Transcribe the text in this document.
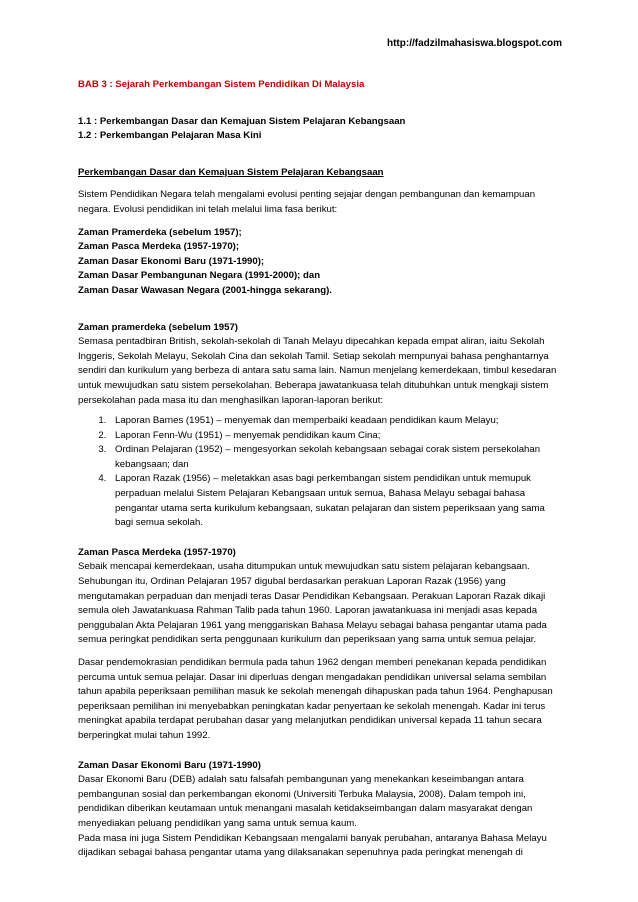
http://fadzilmahasiswa.blogspot.com

BAB 3 : Sejarah Perkembangan Sistem Pendidikan Di Malaysia

1.1 : Perkembangan Dasar dan Kemajuan Sistem Pelajaran Kebangsaan

1.2 : Perkembangan Pelajaran Masa Kini

Perkembangan Dasar dan Kemajuan Sistem Pelajaran Kebangsaan

Sistem Pendidikan Negara telah mengalami evolusi penting sejajar dengan pembangunan dan kemampuan negara. Evolusi pendidikan ini telah melalui lima fasa berikut:

Zaman Pramerdeka (sebelum 1957);

Zaman Pasca Merdeka (1957-1970);

Zaman Dasar Ekonomi Baru (1971-1990);

Zaman Dasar Pembangunan Negara (1991-2000); dan

Zaman Dasar Wawasan Negara (2001-hingga sekarang).

Zaman pramerdeka (sebelum 1957)

Semasa pentadbiran British, sekolah-sekolah di Tanah Melayu dipecahkan kepada empat aliran, iaitu Sekolah Inggeris, Sekolah Melayu, Sekolah Cina dan sekolah Tamil. Setiap sekolah mempunyai bahasa penghantarnya sendiri dan kurikulum yang berbeza di antara satu sama lain. Namun menjelang kemerdekaan, timbul kesedaran untuk mewujudkan satu sistem persekolahan. Beberapa jawatankuasa telah ditubuhkan untuk mengkaji sistem persekolahan pada masa itu dan menghasilkan laporan-laporan berikut:

1. Laporan Barnes (1951) – menyemak dan memperbaiki keadaan pendidikan kaum Melayu;
2. Laporan Fenn-Wu (1951) – menyemak pendidikan kaum Cina;
3. Ordinan Pelajaran (1952) – mengesyorkan sekolah kebangsaan sebagai corak sistem persekolahan kebangsaan; dan
4. Laporan Razak (1956) – meletakkan asas bagi perkembangan sistem pendidikan untuk memupuk perpaduan melalui Sistem Pelajaran Kebangsaan untuk semua, Bahasa Melayu sebagai bahasa pengantar utama serta kurikulum kebangsaan, sukatan pelajaran dan sistem peperiksaan yang sama bagi semua sekolah.

Zaman Pasca Merdeka (1957-1970)

Sebaik mencapai kemerdekaan, usaha ditumpukan untuk mewujudkan satu sistem pelajaran kebangsaan. Sehubungan itu, Ordinan Pelajaran 1957 digubal berdasarkan perakuan Laporan Razak (1956) yang mengutamakan perpaduan dan menjadi teras Dasar Pendidikan Kebangsaan. Perakuan Laporan Razak dikaji semula oleh Jawatankuasa Rahman Talib pada tahun 1960. Laporan jawatankuasa ini menjadi asas kepada penggubalan Akta Pelajaran 1961 yang menggariskan Bahasa Melayu sebagai bahasa pengantar utama pada semua peringkat pendidikan serta penggunaan kurikulum dan peperiksaan yang sama untuk semua pelajar.

Dasar pendemokrasian pendidikan bermula pada tahun 1962 dengan memberi penekanan kepada pendidikan percuma untuk semua pelajar. Dasar ini diperluas dengan mengadakan pendidikan universal selama sembilan tahun apabila peperiksaan pemilihan masuk ke sekolah menengah dihapuskan pada tahun 1964. Penghapusan peperiksaan pemilihan ini menyebabkan peningkatan kadar penyertaan ke sekolah menengah. Kadar ini terus meningkat apabila terdapat perubahan dasar yang melanjutkan pendidikan universal kepada 11 tahun secara berperingkat mulai tahun 1992.

Zaman Dasar Ekonomi Baru (1971-1990)

Dasar Ekonomi Baru (DEB) adalah satu falsafah pembangunan yang menekankan keseimbangan antara pembangunan sosial dan perkembangan ekonomi (Universiti Terbuka Malaysia, 2008). Dalam tempoh ini, pendidikan diberikan keutamaan untuk menangani masalah ketidakseimbangan dalam masyarakat dengan menyediakan peluang pendidikan yang sama untuk semua kaum.

Pada masa ini juga Sistem Pendidikan Kebangsaan mengalami banyak perubahan, antaranya Bahasa Melayu dijadikan sebagai bahasa pengantar utama yang dilaksanakan sepenuhnya pada peringkat menengah di
